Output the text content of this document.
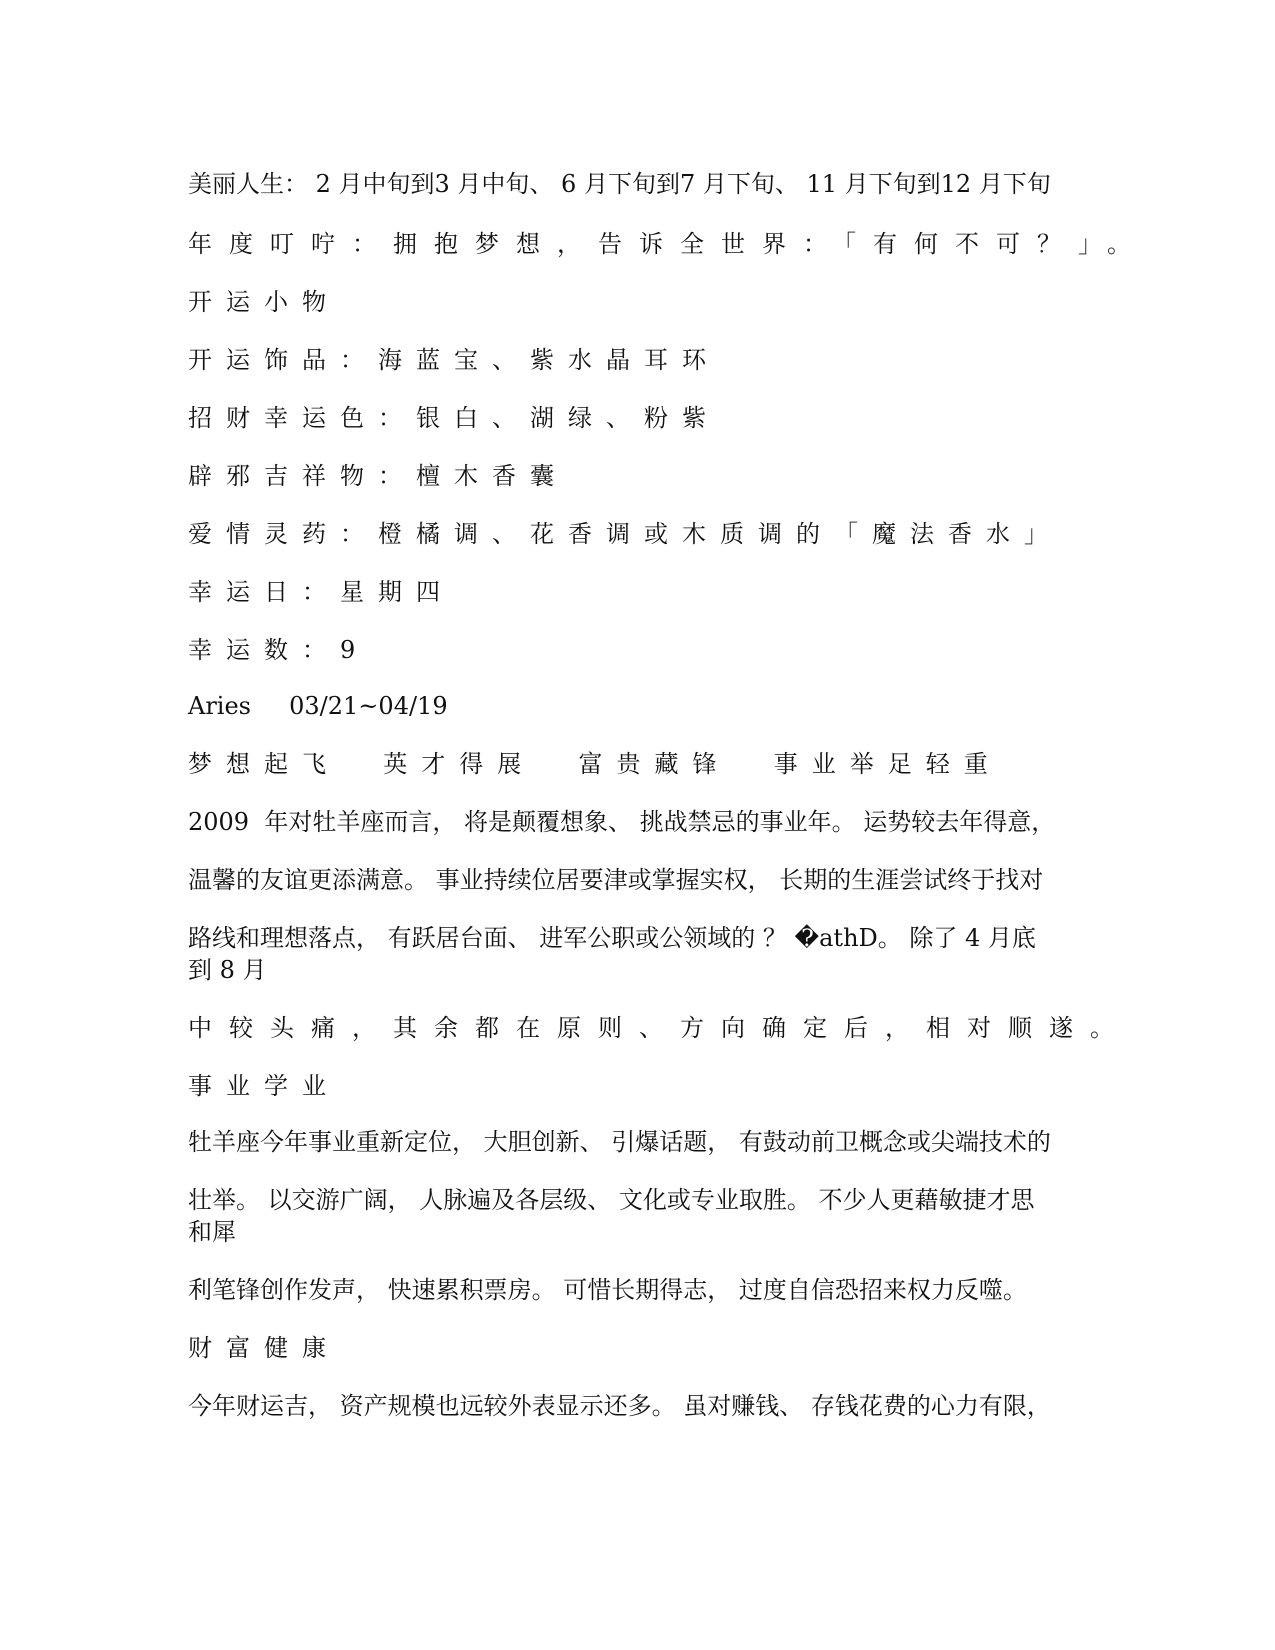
美丽人生： 2 月中旬到3 月中旬、 6 月下旬到7 月下旬、 11 月下旬到12 月下旬
年度叮咛：拥抱梦想，告诉全世界：「有何不可？」。
开运小物
开运饰品：海蓝宝、紫水晶耳环
招财幸运色：银白、湖绿、粉紫
辟邪吉祥物：檀木香囊
爱情灵药：橙橘调、花香调或木质调的「魔法香水」
幸运日：星期四
幸运数：9
Aries     03/21~04/19
梦想起飞  英才得展  富贵藏锋  事业举足轻重
2009  年对牡羊座而言， 将是颠覆想象、 挑战禁忌的事业年。 运势较去年得意，
温馨的友谊更添满意。 事业持续位居要津或掌握实权， 长期的生涯尝试终于找对
路线和理想落点， 有跃居台面、 进军公职或公领域的 ？ �athD。 除了 4 月底到 8 月
中较头痛，其余都在原则、方向确定后，相对顺遂。
事业学业
牡羊座今年事业重新定位， 大胆创新、 引爆话题， 有鼓动前卫概念或尖端技术的
壮举。 以交游广阔， 人脉遍及各层级、 文化或专业取胜。 不少人更藉敏捷才思和犀
利笔锋创作发声， 快速累积票房。 可惜长期得志， 过度自信恐招来权力反噬。
财富健康
今年财运吉， 资产规模也远较外表显示还多。 虽对赚钱、 存钱花费的心力有限，
